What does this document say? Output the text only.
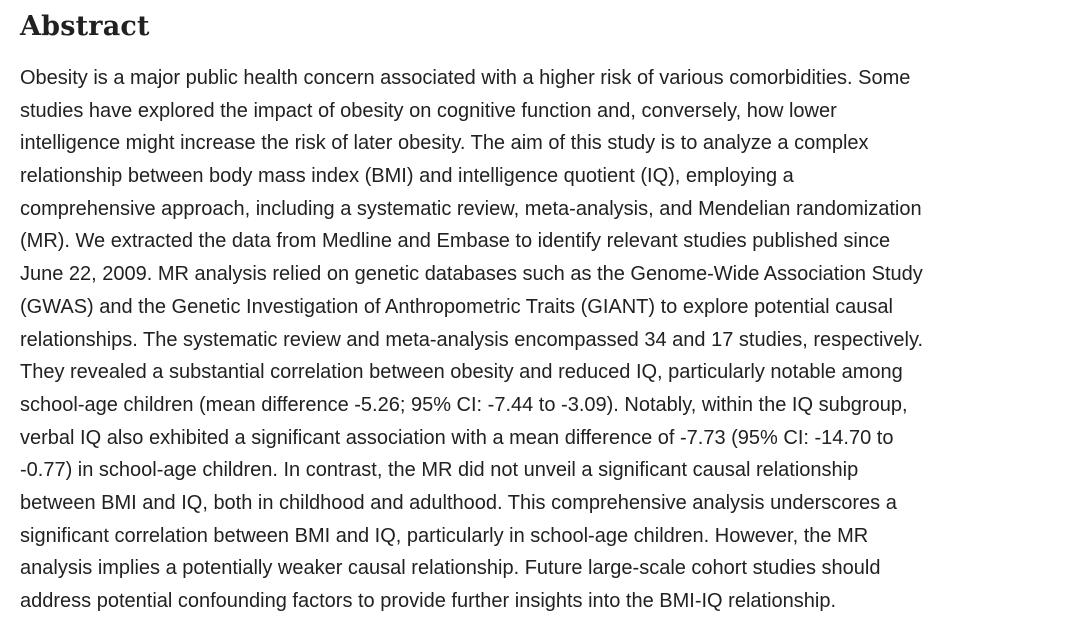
Abstract

Obesity is a major public health concern associated with a higher risk of various comorbidities. Some
studies have explored the impact of obesity on cognitive function and, conversely, how lower
intelligence might increase the risk of later obesity. The aim of this study is to analyze a complex
relationship between body mass index (BMI) and intelligence quotient (IQ), employing a
comprehensive approach, including a systematic review, meta-analysis, and Mendelian randomization
(MR). We extracted the data from Medline and Embase to identify relevant studies published since
June 22, 2009. MR analysis relied on genetic databases such as the Genome-Wide Association Study
(GWAS) and the Genetic Investigation of Anthropometric Traits (GIANT) to explore potential causal
relationships. The systematic review and meta-analysis encompassed 34 and 17 studies, respectively.
They revealed a substantial correlation between obesity and reduced IQ, particularly notable among
school-age children (mean difference -5.26; 95% CI: -7.44 to -3.09). Notably, within the IQ subgroup,
verbal IQ also exhibited a significant association with a mean difference of -7.73 (95% CI: -14.70 to
-0.77) in school-age children. In contrast, the MR did not unveil a significant causal relationship
between BMI and IQ, both in childhood and adulthood. This comprehensive analysis underscores a
significant correlation between BMI and IQ, particularly in school-age children. However, the MR
analysis implies a potentially weaker causal relationship. Future large-scale cohort studies should
address potential confounding factors to provide further insights into the BMI-IQ relationship.
